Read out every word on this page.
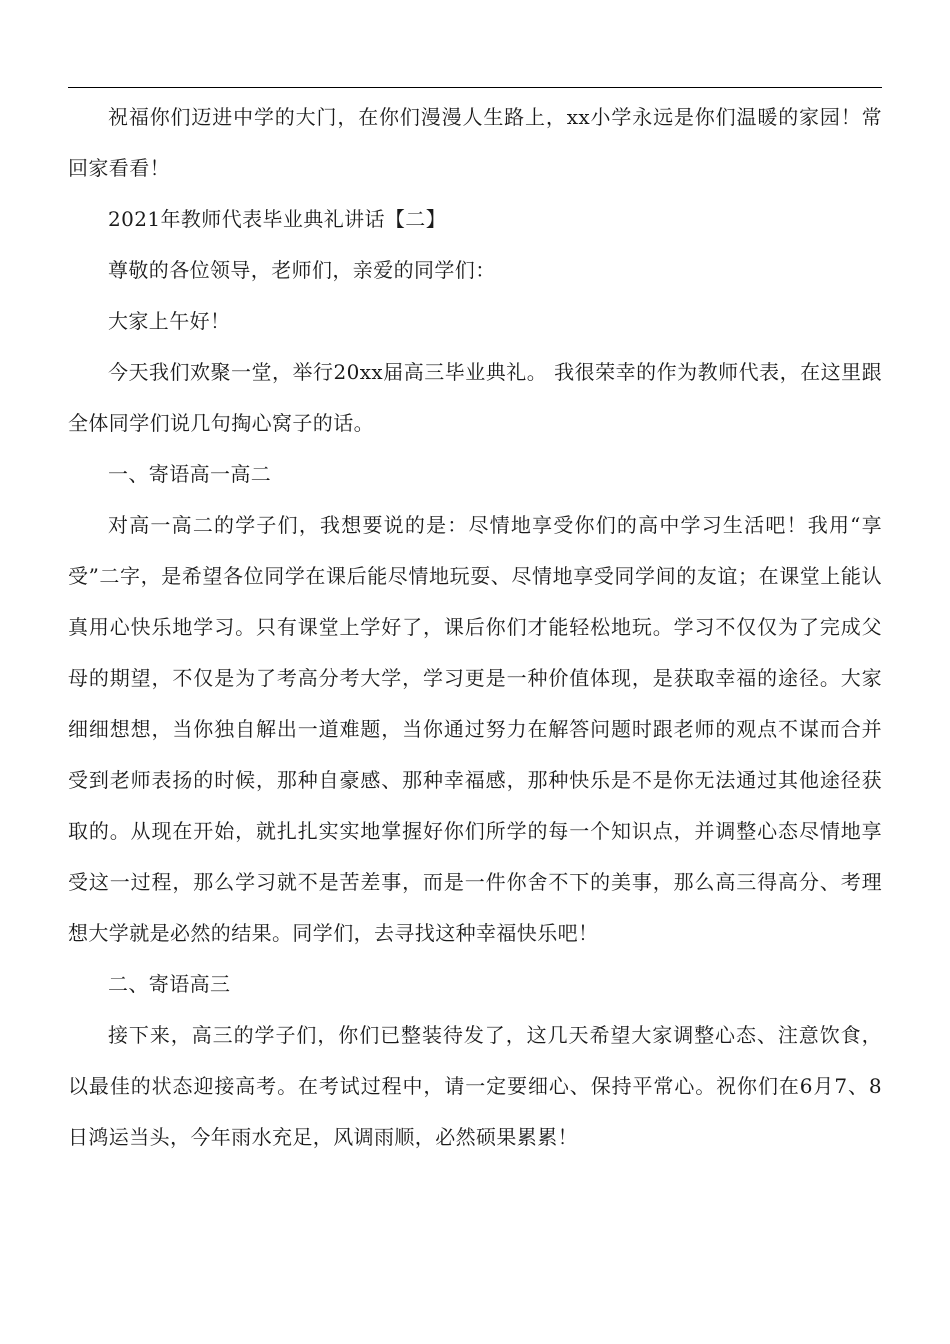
祝福你们迈进中学的大门，在你们漫漫人生路上，xx小学永远是你们温暖的家园！常回家看看！

2021年教师代表毕业典礼讲话【二】

尊敬的各位领导，老师们，亲爱的同学们：

大家上午好！

今天我们欢聚一堂，举行20xx届高三毕业典礼。 我很荣幸的作为教师代表，在这里跟全体同学们说几句掏心窝子的话。

一、寄语高一高二

对高一高二的学子们，我想要说的是：尽情地享受你们的高中学习生活吧！我用“享受”二字，是希望各位同学在课后能尽情地玩耍、尽情地享受同学间的友谊；在课堂上能认真用心快乐地学习。只有课堂上学好了，课后你们才能轻松地玩。学习不仅仅为了完成父母的期望，不仅是为了考高分考大学，学习更是一种价值体现，是获取幸福的途径。大家细细想想，当你独自解出一道难题，当你通过努力在解答问题时跟老师的观点不谋而合并受到老师表扬的时候，那种自豪感、那种幸福感，那种快乐是不是你无法通过其他途径获取的。从现在开始，就扎扎实实地掌握好你们所学的每一个知识点，并调整心态尽情地享受这一过程，那么学习就不是苦差事，而是一件你舍不下的美事，那么高三得高分、考理想大学就是必然的结果。同学们，去寻找这种幸福快乐吧！

二、寄语高三

接下来，高三的学子们，你们已整装待发了，这几天希望大家调整心态、注意饮食，以最佳的状态迎接高考。在考试过程中，请一定要细心、保持平常心。祝你们在6月7、8日鸿运当头，今年雨水充足，风调雨顺，必然硕果累累！
